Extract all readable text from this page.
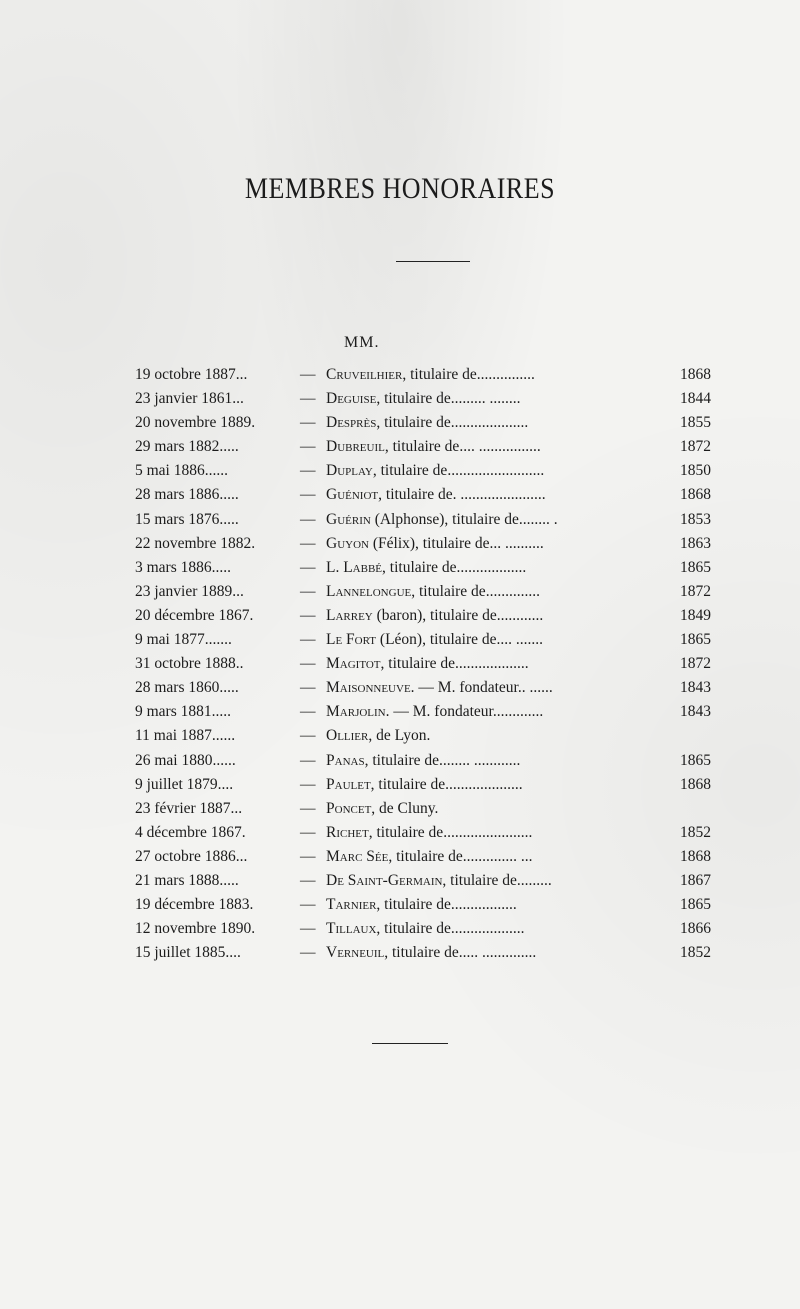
MEMBRES HONORAIRES
MM.
19 octobre 1887...	— Cruveilhier, titulaire de...............	1868
23 janvier 1861...	— Deguise, titulaire de......... ........	1844
20 novembre 1889.	— Desprès, titulaire de....................	1855
29 mars 1882.....	— Dubreuil, titulaire de.... ................	1872
5 mai 1886......	— Duplay, titulaire de.........................	1850
28 mars 1886.....	— Guéniot, titulaire de. ......................	1868
15 mars 1876.....	— Guérin (Alphonse), titulaire de........ .	1853
22 novembre 1882.	— Guyon (Félix), titulaire de... ..........	1863
3 mars 1886.....	— L. Labbé, titulaire de..................	1865
23 janvier 1889...	— Lannelongue, titulaire de..............	1872
20 décembre 1867.	— Larrey (baron), titulaire de............	1849
9 mai 1877.......	— Le Fort (Léon), titulaire de.... .......	1865
31 octobre 1888..	— Magitot, titulaire de...................	1872
28 mars 1860.....	— Maisonneuve. — M. fondateur.. ......	1843
9 mars 1881.....	— Marjolin. — M. fondateur.............	1843
11 mai 1887......	— Ollier, de Lyon.
26 mai 1880......	— Panas, titulaire de........ ............	1865
9 juillet 1879....	— Paulet, titulaire de....................	1868
23 février 1887...	— Poncet, de Cluny.
4 décembre 1867.	— Richet, titulaire de.......................	1852
27 octobre 1886...	— Marc Sée, titulaire de.............. ...	1868
21 mars 1888.....	— De Saint-Germain, titulaire de.........	1867
19 décembre 1883.	— Tarnier, titulaire de.................	1865
12 novembre 1890.	— Tillaux, titulaire de...................	1866
15 juillet 1885....	— Verneuil, titulaire de..... ..............	1852
